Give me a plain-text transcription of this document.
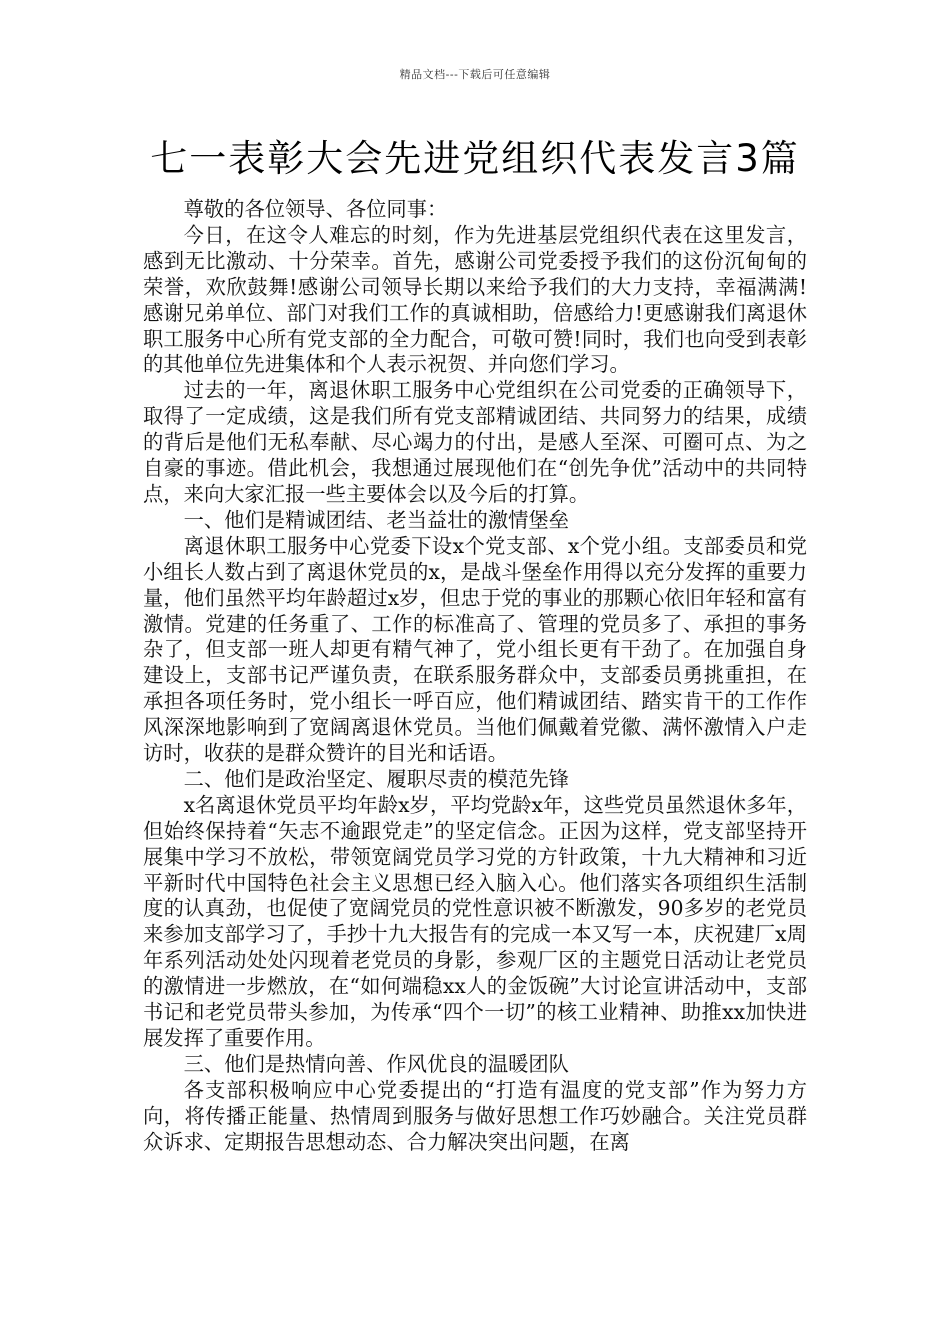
精品文档---下载后可任意编辑
七一表彰大会先进党组织代表发言3篇

尊敬的各位领导、各位同事：

今日，在这令人难忘的时刻，作为先进基层党组织代表在这里发言，感到无比激动、十分荣幸。首先，感谢公司党委授予我们的这份沉甸甸的荣誉，欢欣鼓舞!感谢公司领导长期以来给予我们的大力支持，幸福满满!感谢兄弟单位、部门对我们工作的真诚相助，倍感给力!更感谢我们离退休职工服务中心所有党支部的全力配合，可敬可赞!同时，我们也向受到表彰的其他单位先进集体和个人表示祝贺、并向您们学习。

过去的一年，离退休职工服务中心党组织在公司党委的正确领导下，取得了一定成绩，这是我们所有党支部精诚团结、共同努力的结果，成绩的背后是他们无私奉献、尽心竭力的付出，是感人至深、可圈可点、为之自豪的事迹。借此机会，我想通过展现他们在“创先争优”活动中的共同特点，来向大家汇报一些主要体会以及今后的打算。

一、他们是精诚团结、老当益壮的激情堡垒

离退休职工服务中心党委下设x个党支部、x个党小组。支部委员和党小组长人数占到了离退休党员的x，是战斗堡垒作用得以充分发挥的重要力量，他们虽然平均年龄超过x岁，但忠于党的事业的那颗心依旧年轻和富有激情。党建的任务重了、工作的标准高了、管理的党员多了、承担的事务杂了，但支部一班人却更有精气神了，党小组长更有干劲了。在加强自身建设上，支部书记严谨负责，在联系服务群众中，支部委员勇挑重担，在承担各项任务时，党小组长一呼百应，他们精诚团结、踏实肯干的工作作风深深地影响到了宽阔离退休党员。当他们佩戴着党徽、满怀激情入户走访时，收获的是群众赞许的目光和话语。

二、他们是政治坚定、履职尽责的模范先锋

x名离退休党员平均年龄x岁，平均党龄x年，这些党员虽然退休多年，但始终保持着“矢志不逾跟党走”的坚定信念。正因为这样，党支部坚持开展集中学习不放松，带领宽阔党员学习党的方针政策，十九大精神和习近平新时代中国特色社会主义思想已经入脑入心。他们落实各项组织生活制度的认真劲，也促使了宽阔党员的党性意识被不断激发，90多岁的老党员来参加支部学习了，手抄十九大报告有的完成一本又写一本，庆祝建厂x周年系列活动处处闪现着老党员的身影，参观厂区的主题党日活动让老党员的激情进一步燃放，在“如何端稳xx人的金饭碗”大讨论宣讲活动中，支部书记和老党员带头参加，为传承“四个一切”的核工业精神、助推xx加快进展发挥了重要作用。

三、他们是热情向善、作风优良的温暖团队

各支部积极响应中心党委提出的“打造有温度的党支部”作为努力方向，将传播正能量、热情周到服务与做好思想工作巧妙融合。关注党员群众诉求、定期报告思想动态、合力解决突出问题，在离
